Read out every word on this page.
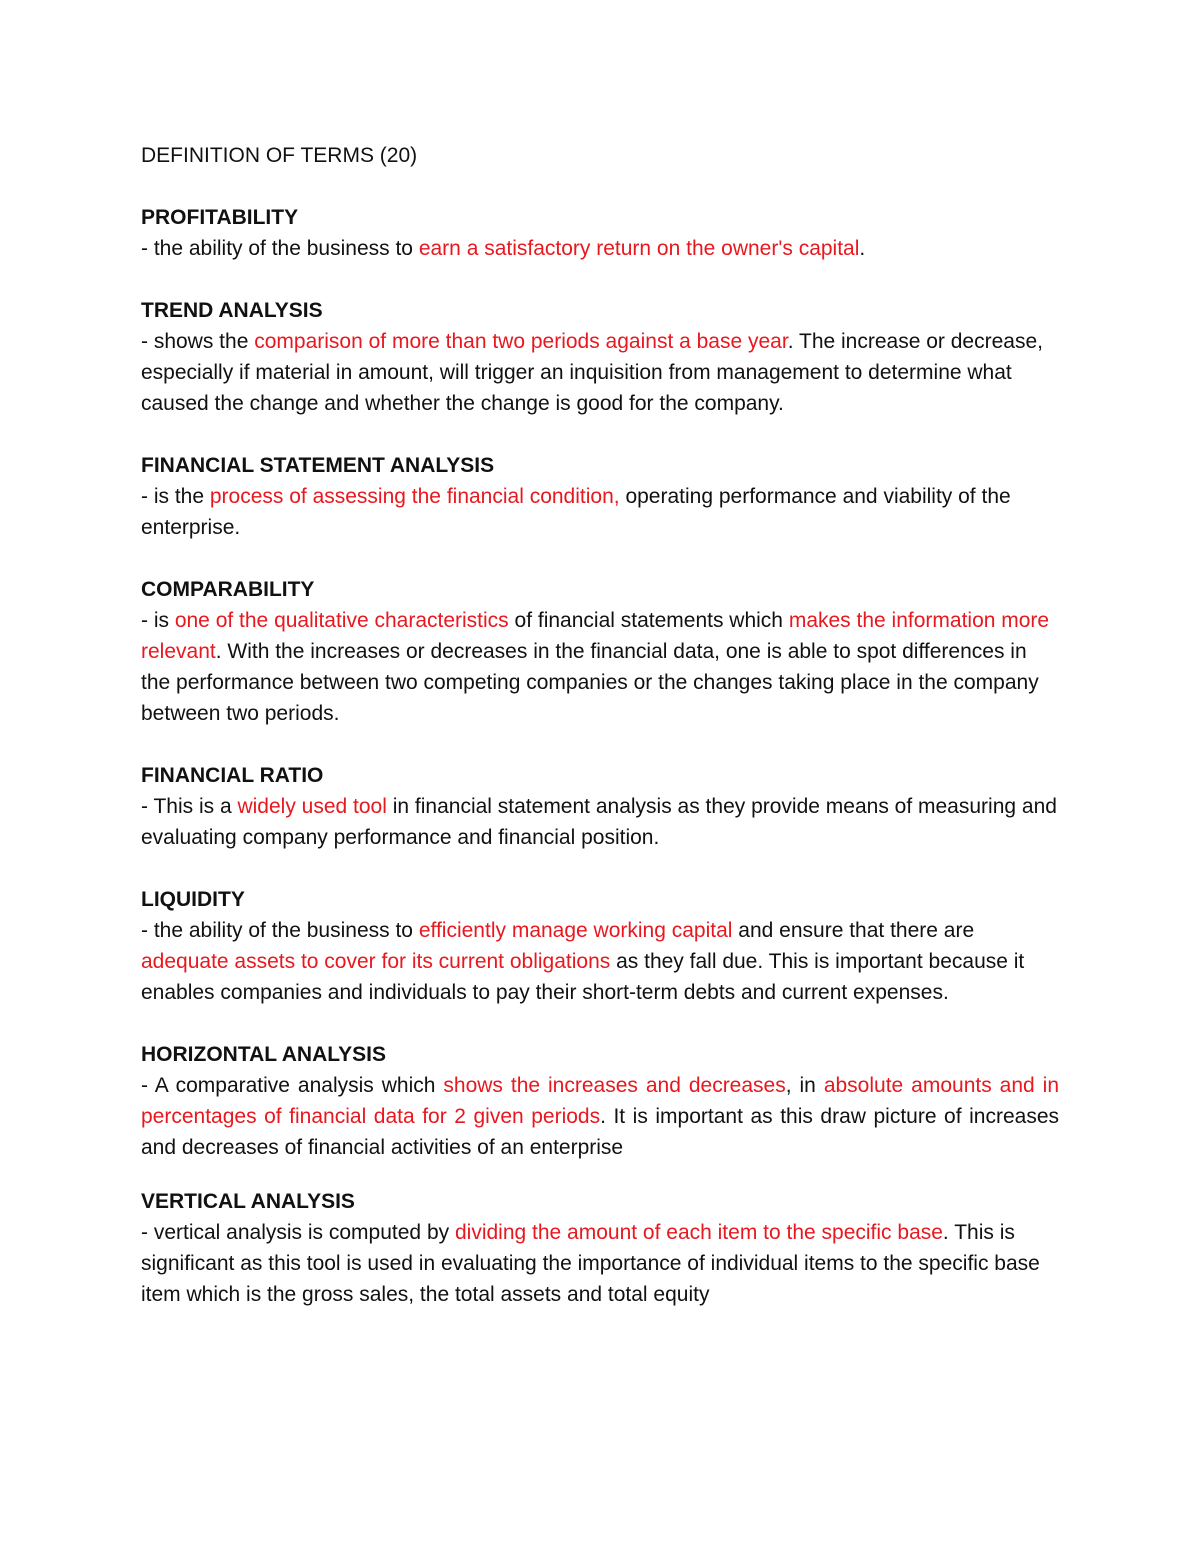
DEFINITION OF TERMS (20)
PROFITABILITY
- the ability of the business to earn a satisfactory return on the owner's capital.
TREND ANALYSIS
- shows the comparison of more than two periods against a base year. The increase or decrease, especially if material in amount, will trigger an inquisition from management to determine what caused the change and whether the change is good for the company.
FINANCIAL STATEMENT ANALYSIS
- is the process of assessing the financial condition, operating performance and viability of the enterprise.
COMPARABILITY
- is one of the qualitative characteristics of financial statements which makes the information more relevant. With the increases or decreases in the financial data, one is able to spot differences in the performance between two competing companies or the changes taking place in the company between two periods.
FINANCIAL RATIO
- This is a widely used tool in financial statement analysis as they provide means of measuring and evaluating company performance and financial position.
LIQUIDITY
- the ability of the business to efficiently manage working capital and ensure that there are adequate assets to cover for its current obligations as they fall due. This is important because it enables companies and individuals to pay their short-term debts and current expenses.
HORIZONTAL ANALYSIS
- A comparative analysis which shows the increases and decreases, in absolute amounts and in percentages of financial data for 2 given periods. It is important as this draw picture of increases and decreases of financial activities of an enterprise
VERTICAL ANALYSIS
- vertical analysis is computed by dividing the amount of each item to the specific base. This is significant as this tool is used in evaluating the importance of individual items to the specific base item which is the gross sales, the total assets and total equity
